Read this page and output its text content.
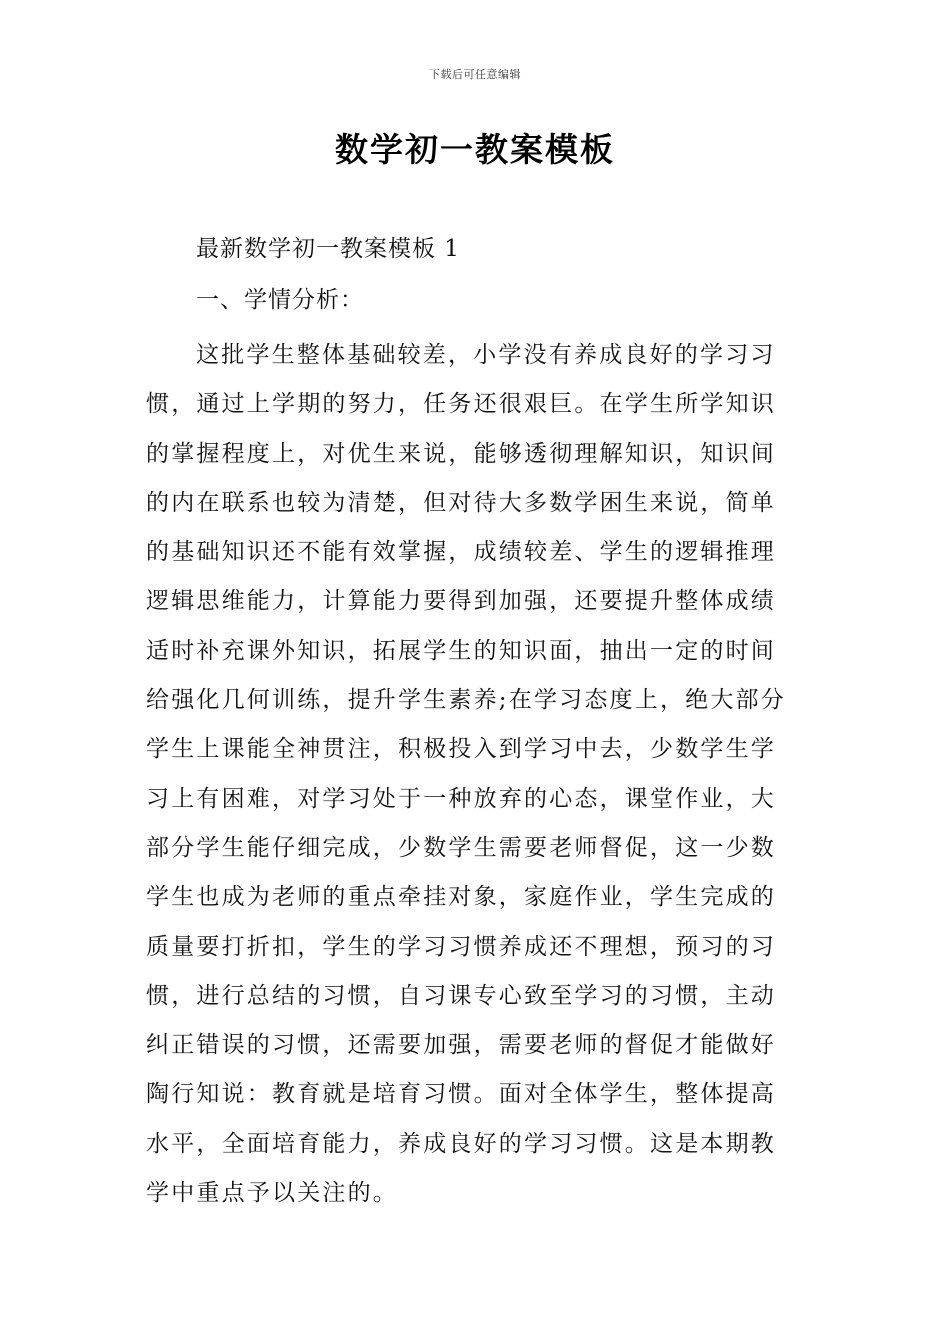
下载后可任意编辑
数学初一教案模板
最新数学初一教案模板 1
一、学情分析：
这批学生整体基础较差，小学没有养成良好的学习习
惯，通过上学期的努力，任务还很艰巨。在学生所学知识
的掌握程度上，对优生来说，能够透彻理解知识，知识间
的内在联系也较为清楚，但对待大多数学困生来说，简单
的基础知识还不能有效掌握，成绩较差、学生的逻辑推理
逻辑思维能力，计算能力要得到加强，还要提升整体成绩
适时补充课外知识，拓展学生的知识面，抽出一定的时间
给强化几何训练，提升学生素养;在学习态度上，绝大部分
学生上课能全神贯注，积极投入到学习中去，少数学生学
习上有困难，对学习处于一种放弃的心态，课堂作业，大
部分学生能仔细完成，少数学生需要老师督促，这一少数
学生也成为老师的重点牵挂对象，家庭作业，学生完成的
质量要打折扣，学生的学习习惯养成还不理想，预习的习
惯，进行总结的习惯，自习课专心致至学习的习惯，主动
纠正错误的习惯，还需要加强，需要老师的督促才能做好
陶行知说：教育就是培育习惯。面对全体学生，整体提高
水平，全面培育能力，养成良好的学习习惯。这是本期教
学中重点予以关注的。
